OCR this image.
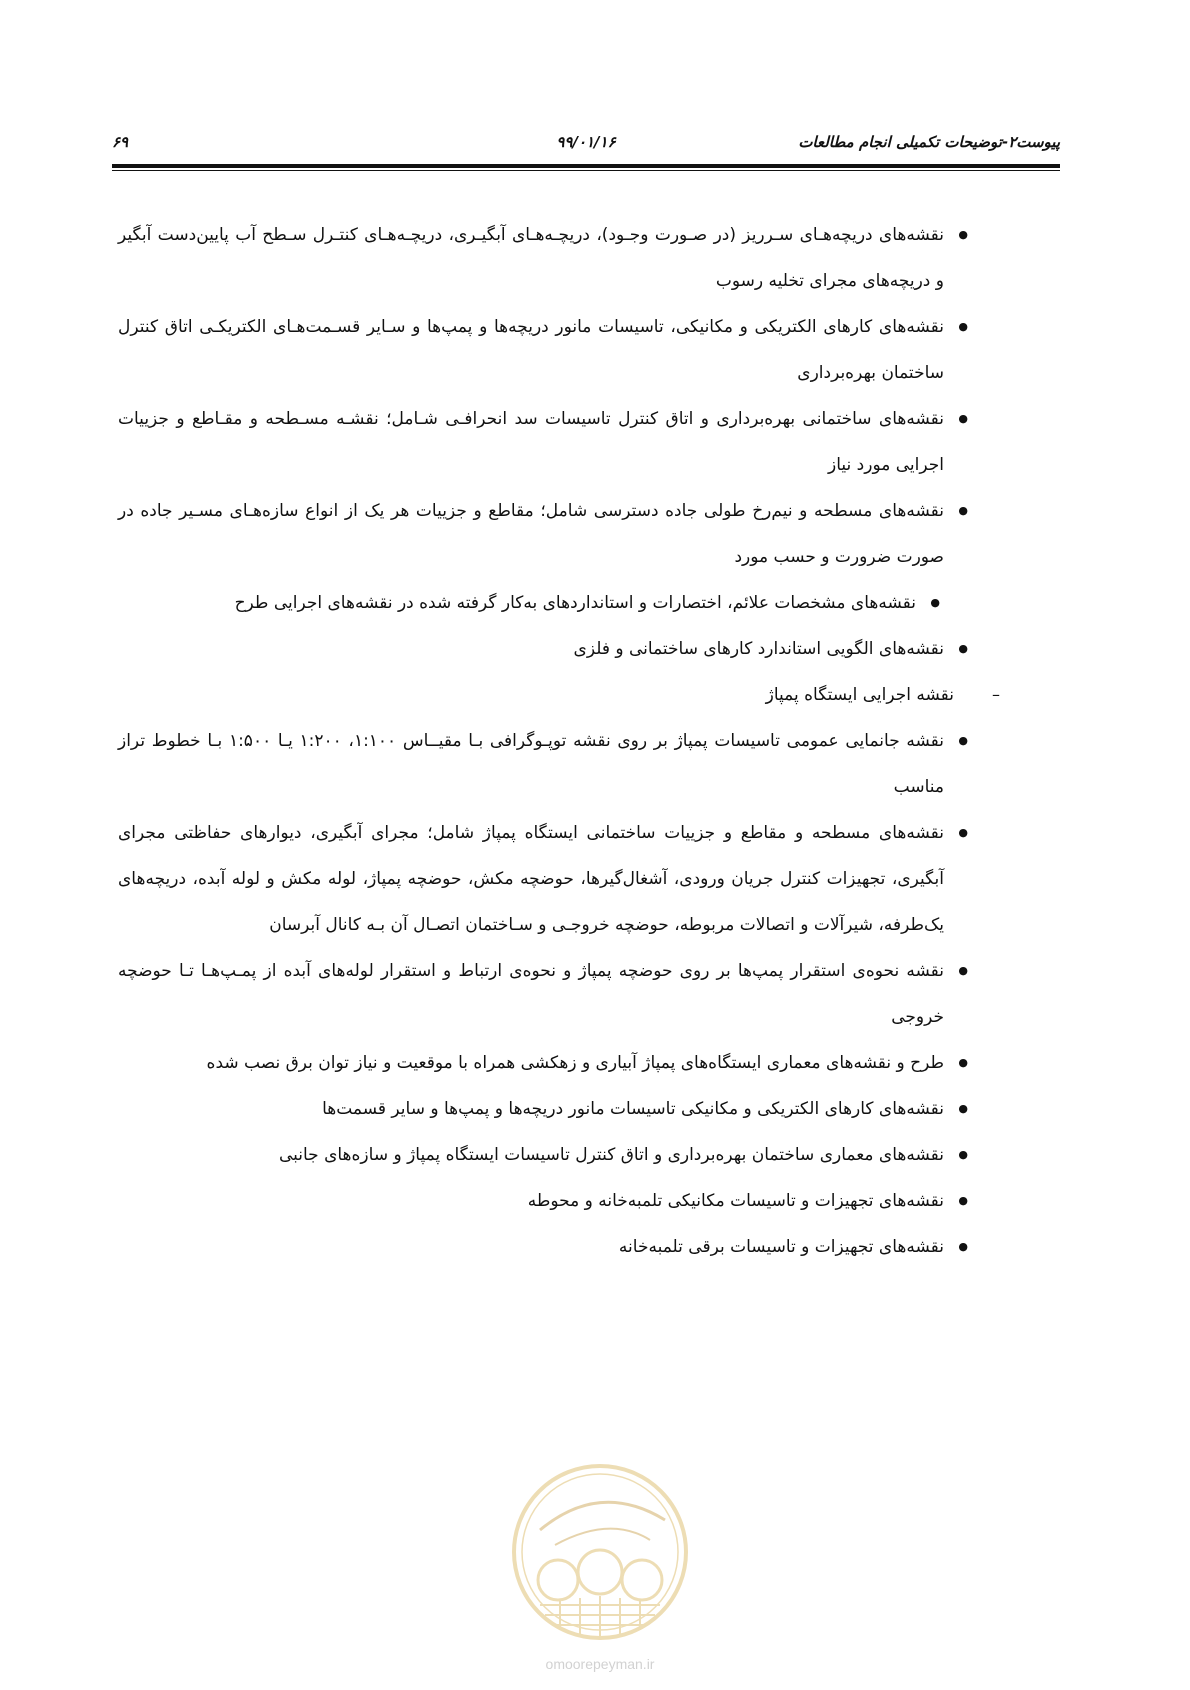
پیوست۲-توضیحات تکمیلی انجام مطالعات
۹۹/۰۱/۱۶
۶۹
● نقشه‌های دریچه‌هـای سـرریز (در صـورت وجـود)، دریچـه‌هـای آبگیـری، دریچـه‌هـای کنتـرل سـطح آب پایین‌دست آبگیر و دریچه‌های مجرای تخلیه رسوب
● نقشه‌های کارهای الکتریکی و مکانیکی، تاسیسات مانور دریچه‌ها و پمپ‌ها و سـایر قسـمت‌هـای الکتریکـی اتاق کنترل ساختمان بهره‌برداری
● نقشه‌های ساختمانی بهره‌برداری و اتاق کنترل تاسیسات سد انحرافـی شـامل؛ نقشـه مسـطحه و مقـاطع و جزییات اجرایی مورد نیاز
● نقشه‌های مسطحه و نیم‌رخ طولی جاده دسترسی شامل؛ مقاطع و جزییات هر یک از انواع سازه‌هـای مسـیر جاده در صورت ضرورت و حسب مورد
● نقشه‌های مشخصات علائم، اختصارات و استانداردهای به‌کار گرفته شده در نقشه‌های اجرایی طرح
● نقشه‌های الگویی استاندارد کارهای ساختمانی و فلزی
–
نقشه اجرایی ایستگاه پمپاژ
● نقشه جانمایی عمومی تاسیسات پمپاژ بر روی نقشه توپـوگرافی بـا مقیــاس ۱:۱۰۰، ۱:۲۰۰ یـا ۱:۵۰۰ بـا خطوط تراز مناسب
● نقشه‌های مسطحه و مقاطع و جزییات ساختمانی ایستگاه پمپاژ شامل؛ مجرای آبگیری، دیوارهای حفاظتی مجرای آبگیری، تجهیزات کنترل جریان ورودی، آشغال‌گیرها، حوضچه مکش، حوضچه پمپاژ، لوله مکش و لوله آبده، دریچه‌های یک‌طرفه، شیرآلات و اتصالات مربوطه، حوضچه خروجـی و سـاختمان اتصـال آن بـه کانال آبرسان
● نقشه نحوه‌ی استقرار پمپ‌ها بر روی حوضچه پمپاژ و نحوه‌ی ارتباط و استقرار لوله‌های آبده از پمـپ‌هـا تـا حوضچه خروجی
● طرح و نقشه‌های معماری ایستگاه‌های پمپاژ آبیاری و زهکشی همراه با موقعیت و نیاز توان برق نصب شده
● نقشه‌های کارهای الکتریکی و مکانیکی تاسیسات مانور دریچه‌ها و پمپ‌ها و سایر قسمت‌ها
● نقشه‌های معماری ساختمان بهره‌برداری و اتاق کنترل تاسیسات ایستگاه پمپاژ و سازه‌های جانبی
● نقشه‌های تجهیزات و تاسیسات مکانیکی تلمبه‌خانه و محوطه
● نقشه‌های تجهیزات و تاسیسات برقی تلمبه‌خانه
omoorepeyman.ir
